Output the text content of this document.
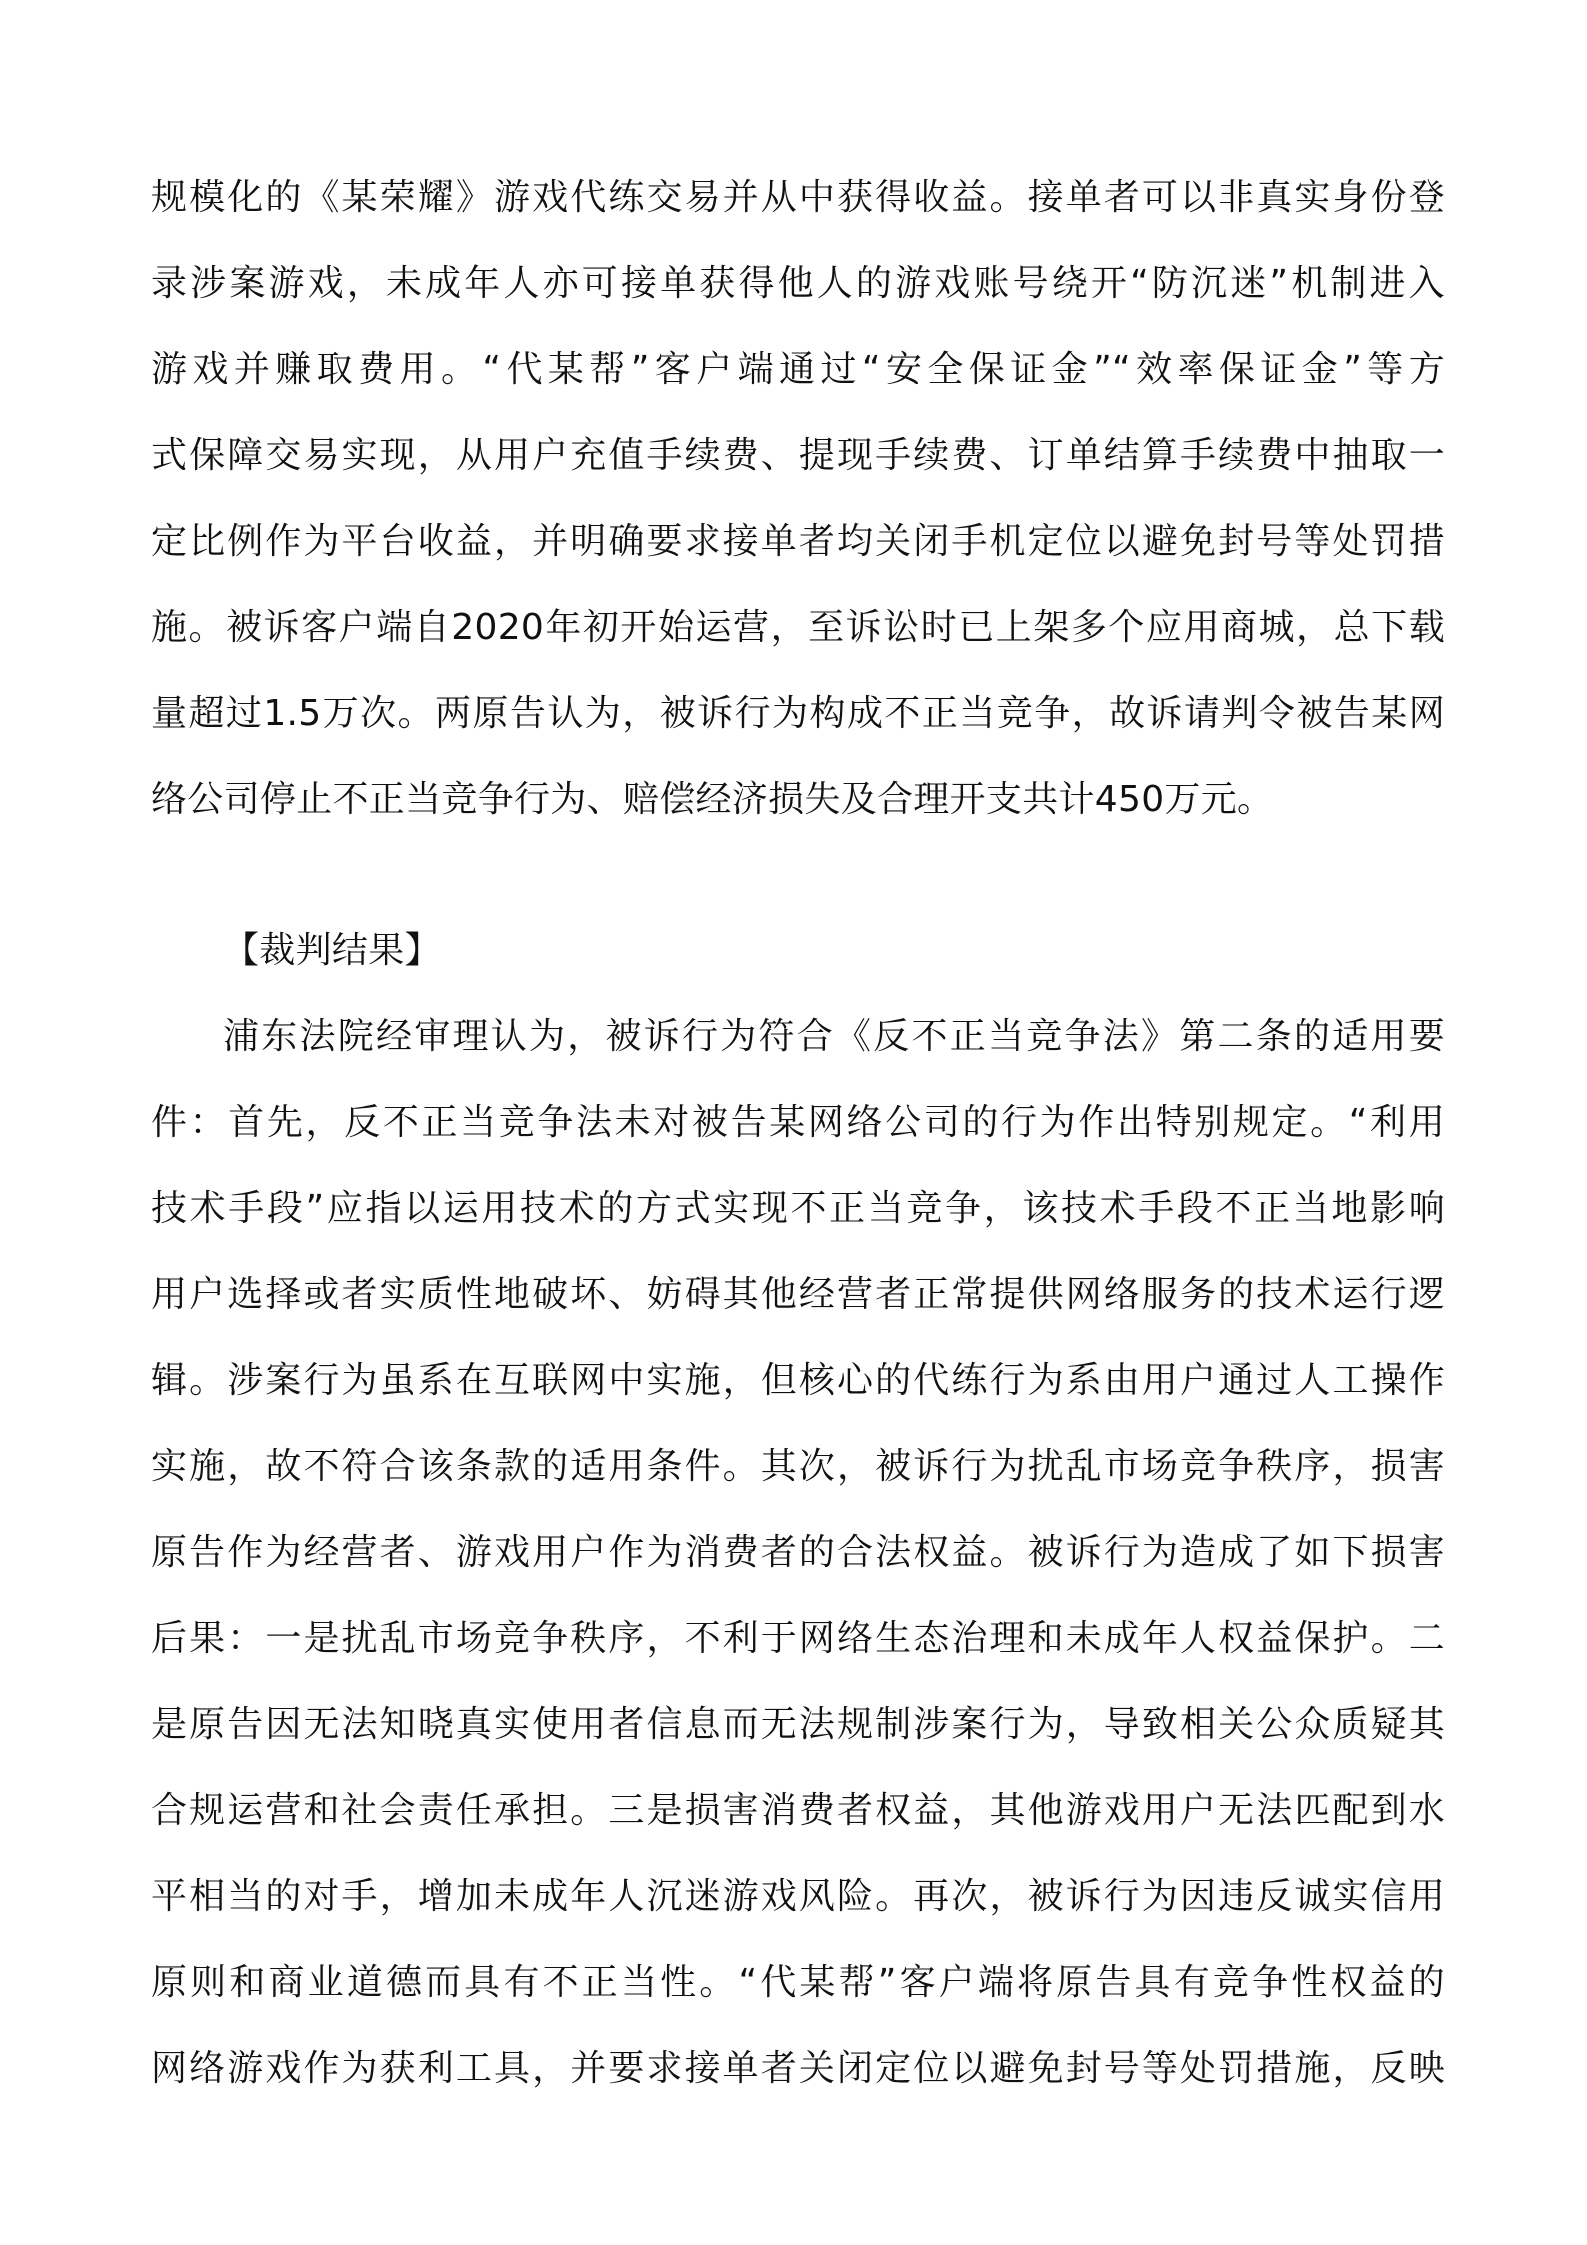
规模化的《某荣耀》游戏代练交易并从中获得收益。接单者可以非真实身份登
录涉案游戏，未成年人亦可接单获得他人的游戏账号绕开“防沉迷”机制进入
游戏并赚取费用。“代某帮”客户端通过“安全保证金”“效率保证金”等方
式保障交易实现，从用户充值手续费、提现手续费、订单结算手续费中抽取一
定比例作为平台收益，并明确要求接单者均关闭手机定位以避免封号等处罚措
施。被诉客户端自2020年初开始运营，至诉讼时已上架多个应用商城，总下载
量超过1.5万次。两原告认为，被诉行为构成不正当竞争，故诉请判令被告某网
络公司停止不正当竞争行为、赔偿经济损失及合理开支共计450万元。
【裁判结果】
浦东法院经审理认为，被诉行为符合《反不正当竞争法》第二条的适用要
件：首先，反不正当竞争法未对被告某网络公司的行为作出特别规定。“利用
技术手段”应指以运用技术的方式实现不正当竞争，该技术手段不正当地影响
用户选择或者实质性地破坏、妨碍其他经营者正常提供网络服务的技术运行逻
辑。涉案行为虽系在互联网中实施，但核心的代练行为系由用户通过人工操作
实施，故不符合该条款的适用条件。其次，被诉行为扰乱市场竞争秩序，损害
原告作为经营者、游戏用户作为消费者的合法权益。被诉行为造成了如下损害
后果：一是扰乱市场竞争秩序，不利于网络生态治理和未成年人权益保护。二
是原告因无法知晓真实使用者信息而无法规制涉案行为，导致相关公众质疑其
合规运营和社会责任承担。三是损害消费者权益，其他游戏用户无法匹配到水
平相当的对手，增加未成年人沉迷游戏风险。再次，被诉行为因违反诚实信用
原则和商业道德而具有不正当性。“代某帮”客户端将原告具有竞争性权益的
网络游戏作为获利工具，并要求接单者关闭定位以避免封号等处罚措施，反映
